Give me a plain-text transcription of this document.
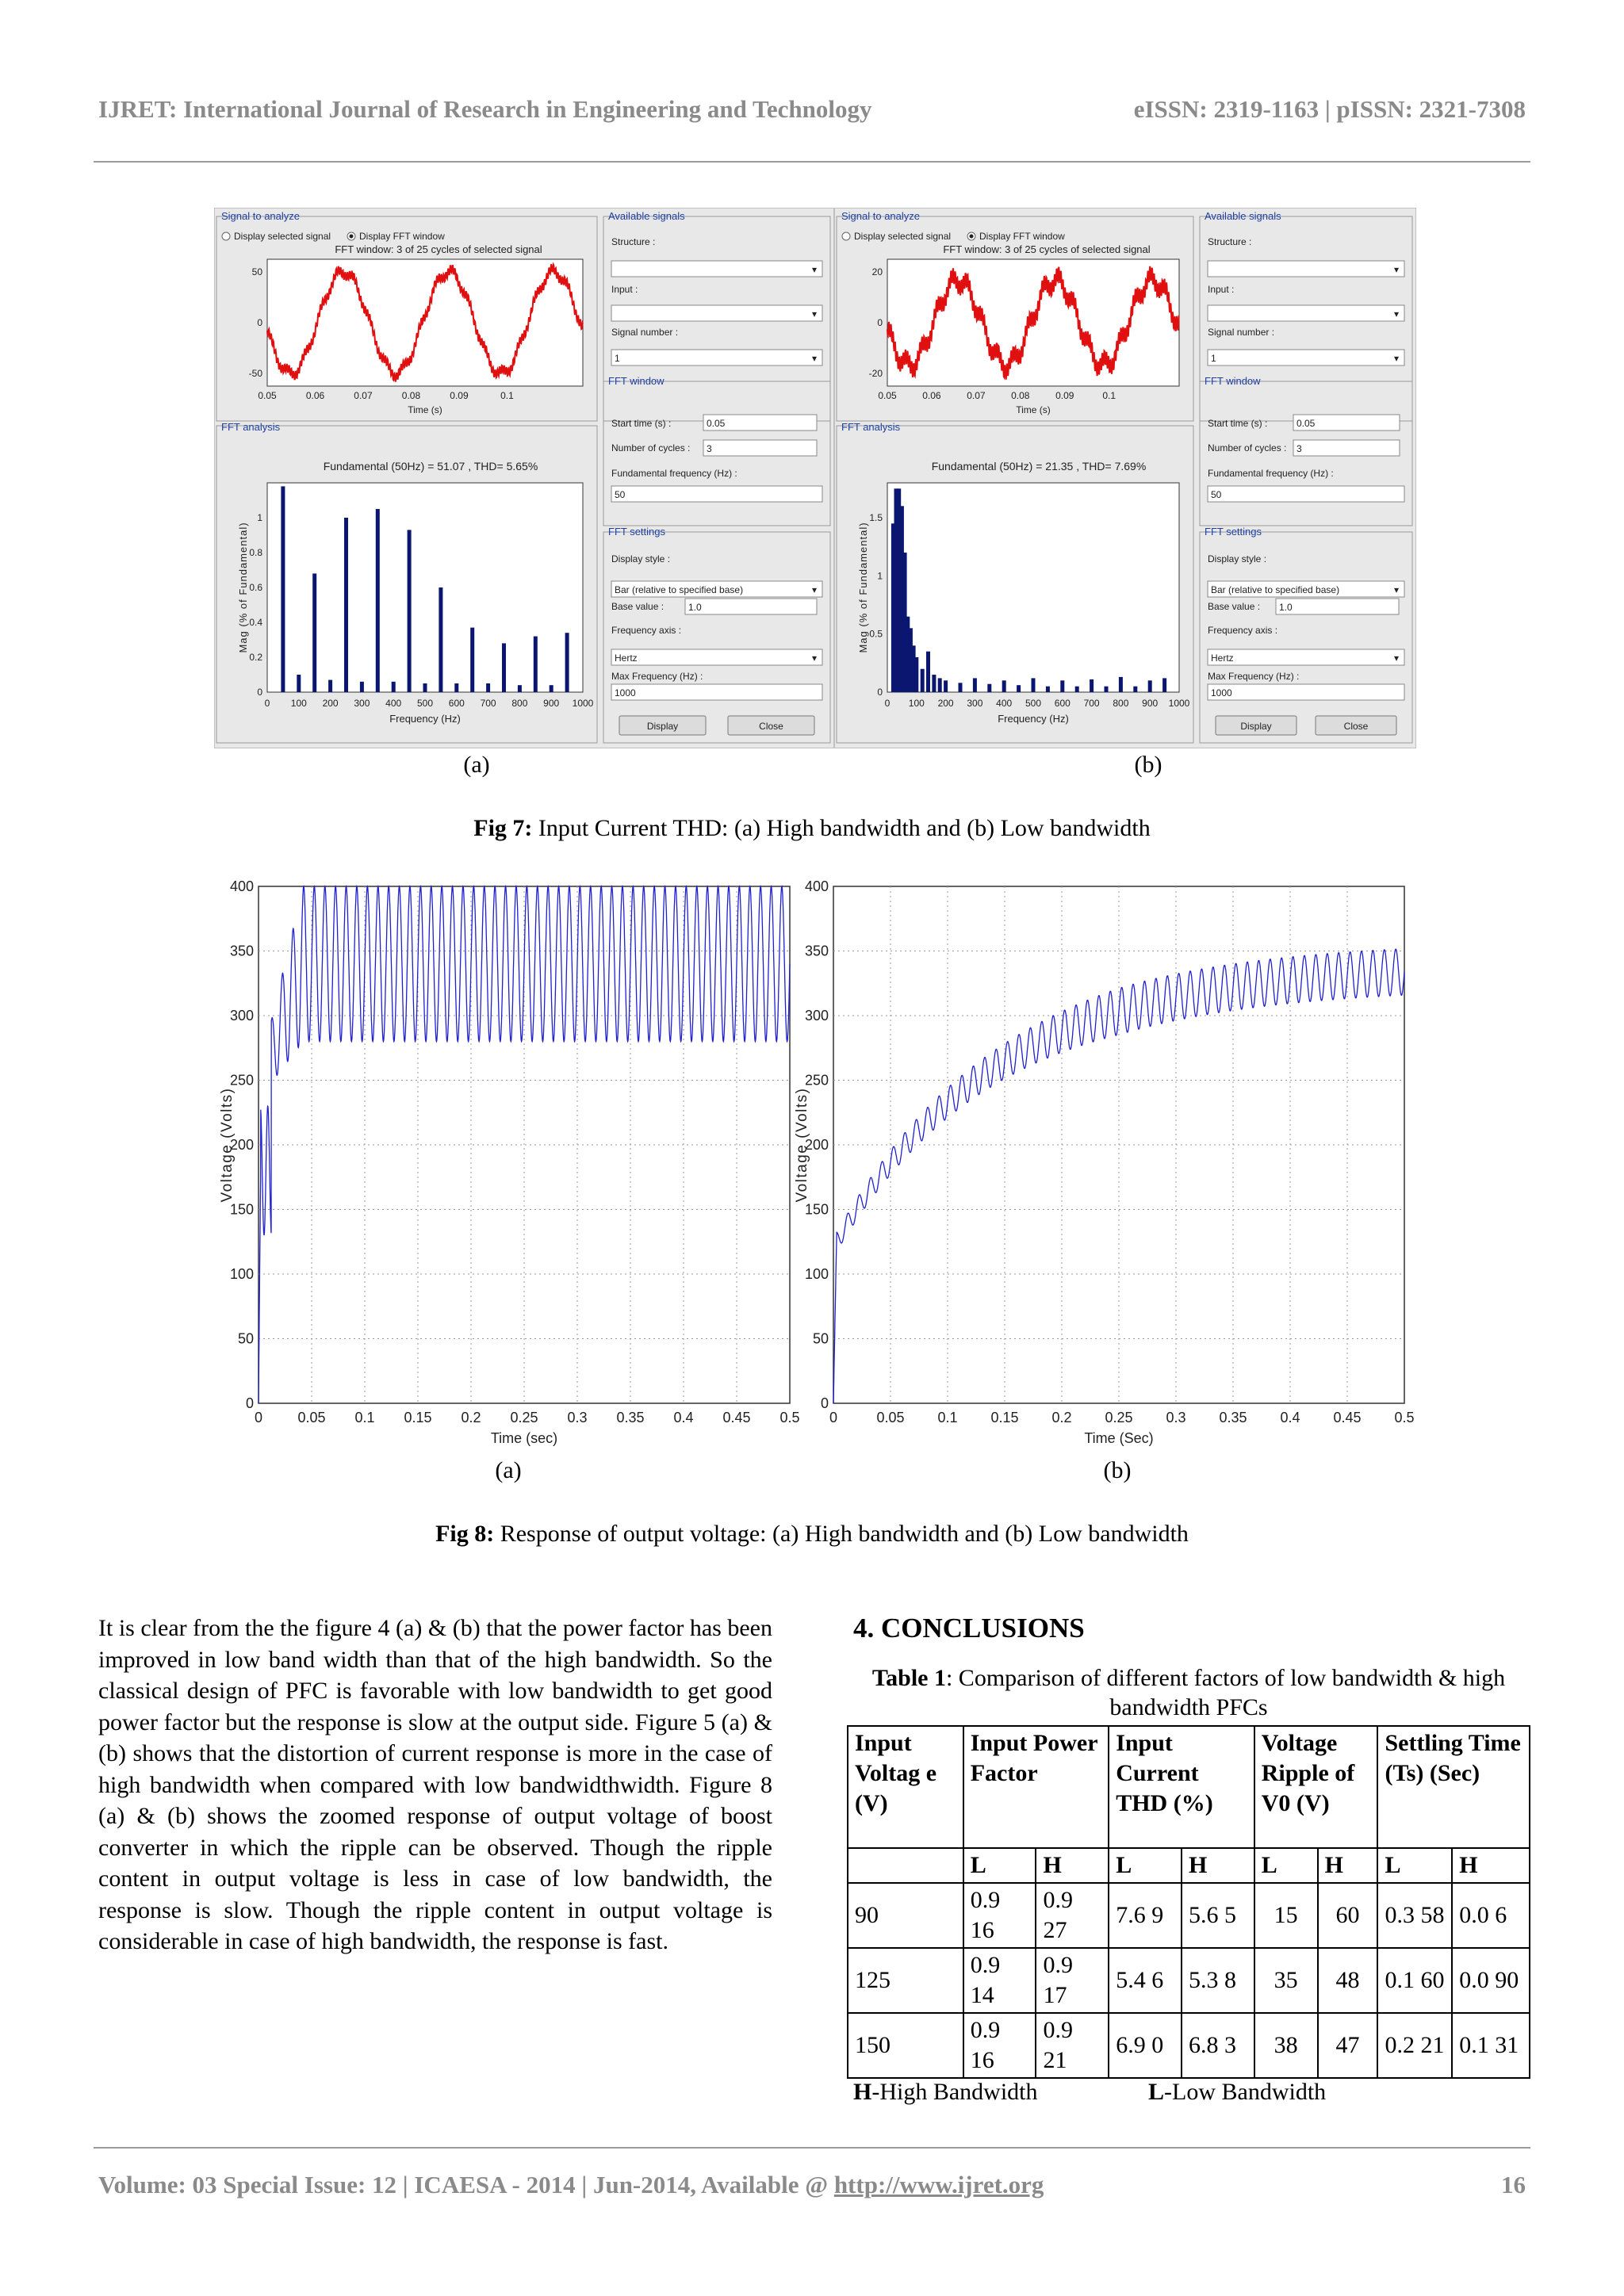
IJRET: International Journal of Research in Engineering and Technology	eISSN: 2319-1163 | pISSN: 2321-7308
Signal to analyze
Display selected signal	Display FFT window
FFT window: 3 of 25 cycles of selected signal
50
0
-50
0.05	0.06	0.07	0.08	0.09	0.1
Time (s)
FFT analysis
Fundamental (50Hz) = 51.07 , THD= 5.65%
0
0.2
0.4
0.6
0.8
1
0 100 200 300 400 500 600 700 800 900 1000
Frequency (Hz)
Mag (% of Fundamental)
Available signals
Structure :
▾
Input :
▾
Signal number :
1	▾
FFT window
Start time (s) :	0.05
Number of cycles : 3
Fundamental frequency (Hz) :
50
FFT settings
Display style :
Bar (relative to specified base)	▾
Base value :	1.0
Frequency axis :
Hertz	▾
Max Frequency (Hz) :
1000
Display	Close
Signal to analyze
Display selected signal	Display FFT window
FFT window: 3 of 25 cycles of selected signal
20
0
-20
0.05	0.06	0.07	0.08	0.09	0.1
Time (s)
FFT analysis
Fundamental (50Hz) = 21.35 , THD= 7.69%
0
0.5
1
1.5
0 100 200 300 400 500 600 700 800 900 1000
Frequency (Hz)
Mag (% of Fundamental)
Available signals
Structure :
▾
Input :
▾
Signal number :
1	▾
FFT window
Start time (s) :	0.05
Number of cycles : 3
Fundamental frequency (Hz) :
50
FFT settings
Display style :
Bar (relative to specified base)	▾
Base value : 1.0
Frequency axis :
Hertz	▾
Max Frequency (Hz) :
1000
Display	Close
(a)	(b)
Fig 7: Input Current THD: (a) High bandwidth and (b) Low bandwidth
0
50
100
150
200
250
300
350
400
0 0.05 0.1 0.15 0.2 0.25 0.3 0.35 0.4 0.45 0.5
Time (sec)
Voltage (Volts)
0
50
100
150
200
250
300
350
400
0	0.05 0.1 0.15 0.2 0.25 0.3 0.35 0.4 0.45 0.5
Time (Sec)
Voltage (Volts)
(a)	(b)
Fig 8: Response of output voltage: (a) High bandwidth and (b) Low bandwidth
It is clear from the the figure 4 (a) & (b) that the power factor has been improved in low band width than that of the high bandwidth. So the classical design of PFC is favorable with low bandwidth to get good power factor but the response is slow at the output side. Figure 5 (a) & (b) shows that the distortion of current response is more in the case of high bandwidth when compared with low bandwidthwidth. Figure 8 (a) & (b) shows the zoomed response of output voltage of boost converter in which the ripple can be observed. Though the ripple content in output voltage is less in case of low bandwidth, the response is slow. Though the ripple content in output voltage is considerable in case of high bandwidth, the response is fast.
4. CONCLUSIONS
Table 1: Comparison of different factors of low bandwidth & high bandwidth PFCs
Input Voltag e (V)	Input Power Factor		Input Current THD (%)		Voltage Ripple of V0 (V)		Settling Time (Ts) (Sec)	
	L	H	L	H	L	H	L	H
90	0.9 16	0.9 27	7.6 9	5.6 5	15	60	0.3 58	0.0 6
125	0.9 14	0.9 17	5.4 6	5.3 8	35	48	0.1 60	0.0 90
150	0.9 16	0.9 21	6.9 0	6.8 3	38	47	0.2 21	0.1 31
H-High Bandwidth	L-Low Bandwidth
Volume: 03 Special Issue: 12 | ICAESA - 2014 | Jun-2014, Available @ http://www.ijret.org	16
